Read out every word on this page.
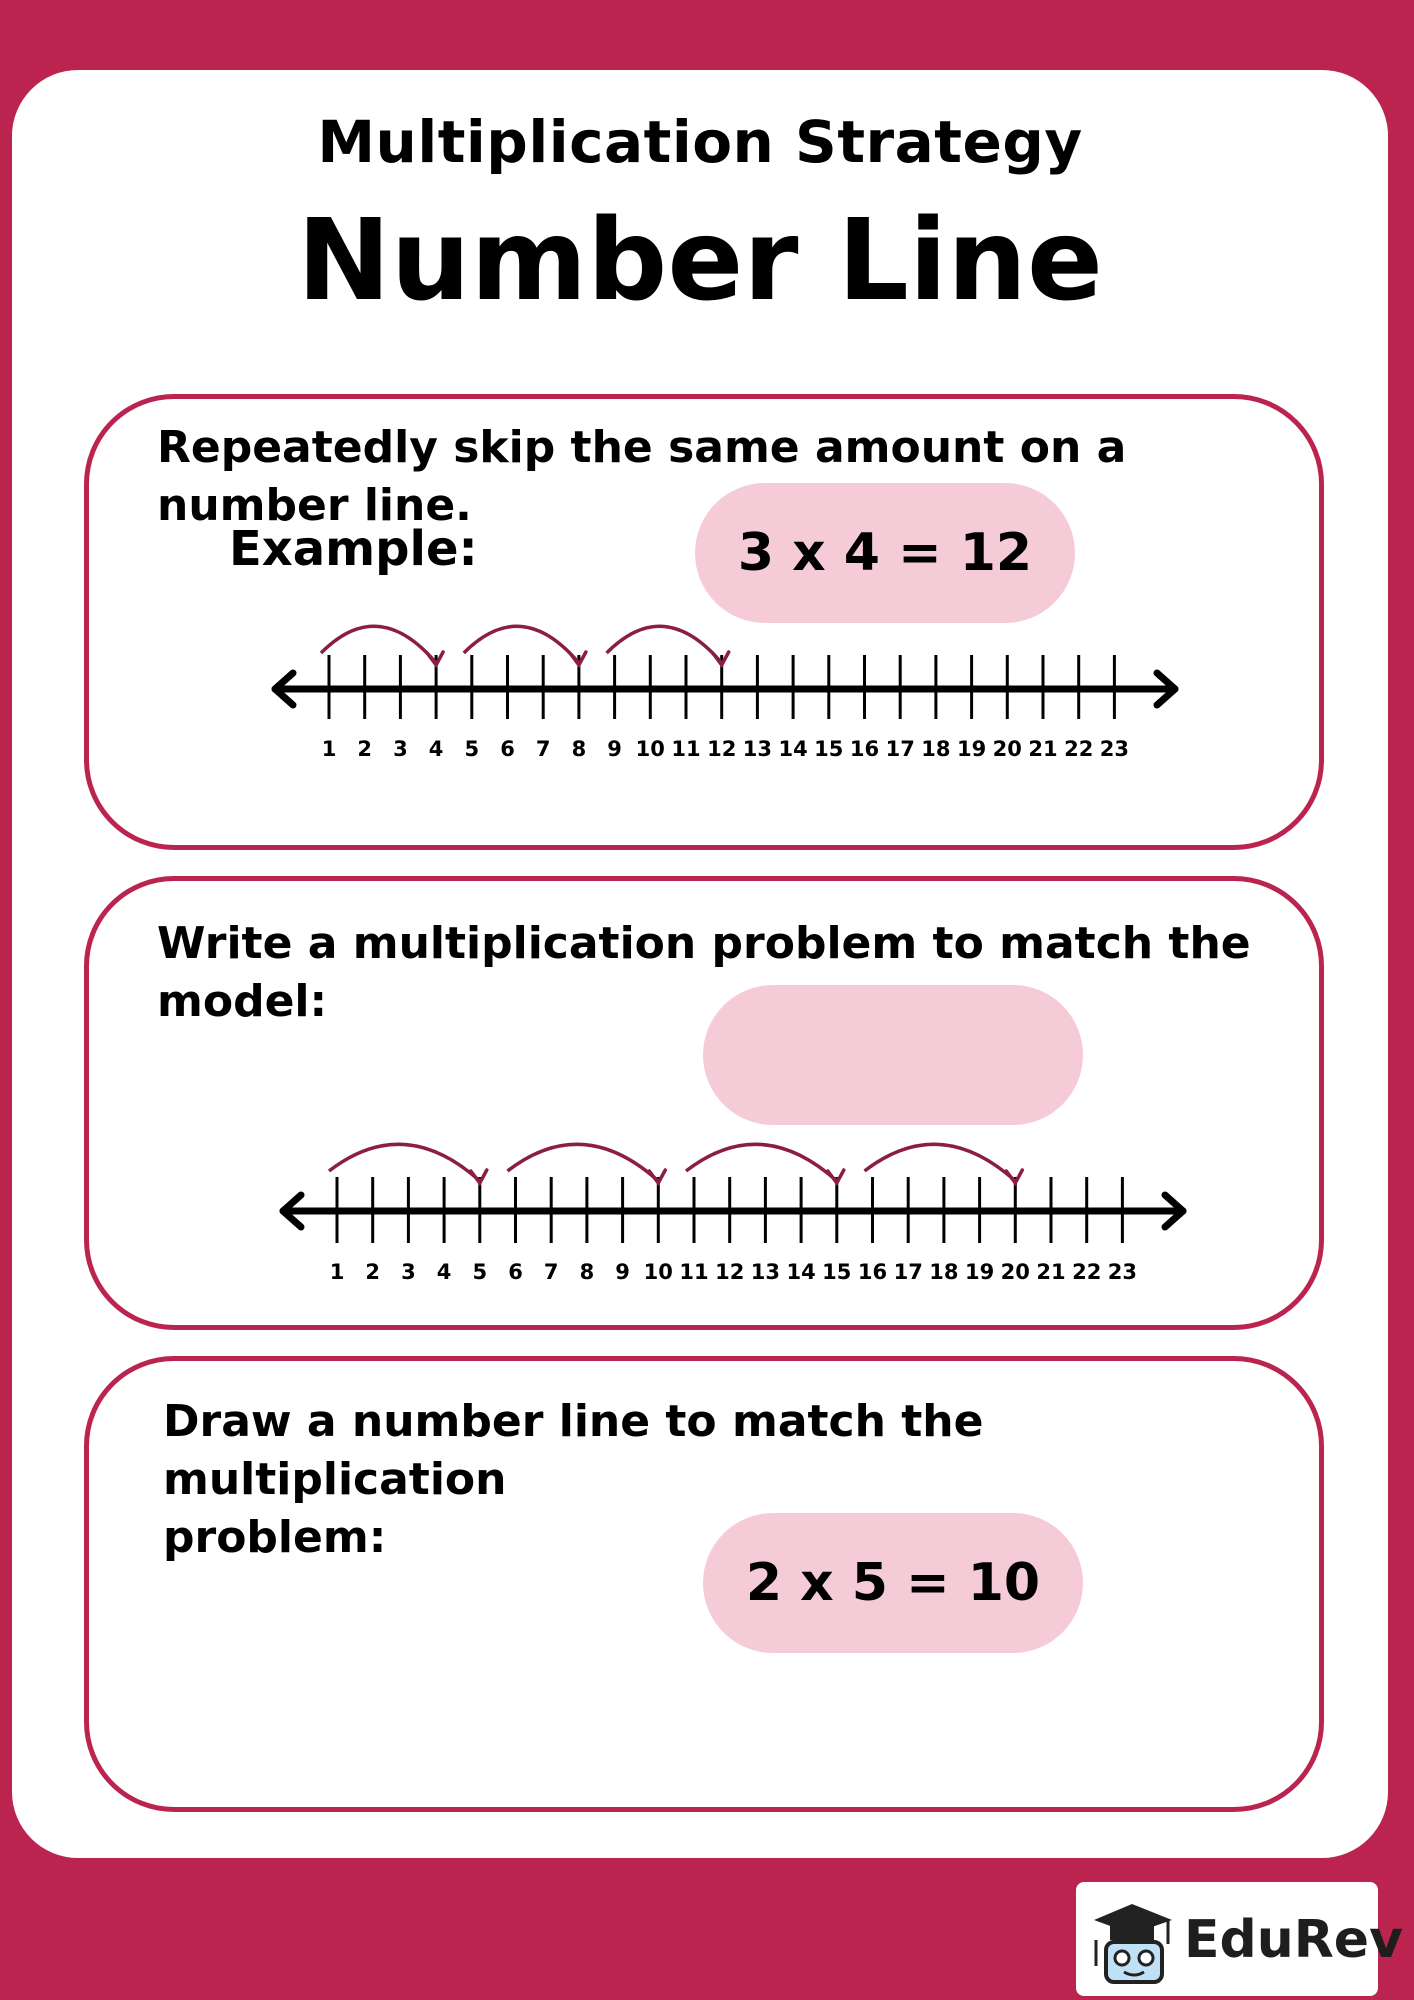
Multiplication Strategy
Number Line
Repeatedly skip the same amount on a number line.
Example:	3 x 4 = 12
1 2 3 4 5 6 7 8 9 10 11 12 13 14 15 16 17 18 19 20 21 22 23
Write a multiplication problem to match the
model:
1 2 3 4 5 6 7 8 9 10 11 12 13 14 15 16 17 18 19 20 21 22 23
Draw a number line to match the multiplication
problem:
2 x 5 = 10
EduRev
